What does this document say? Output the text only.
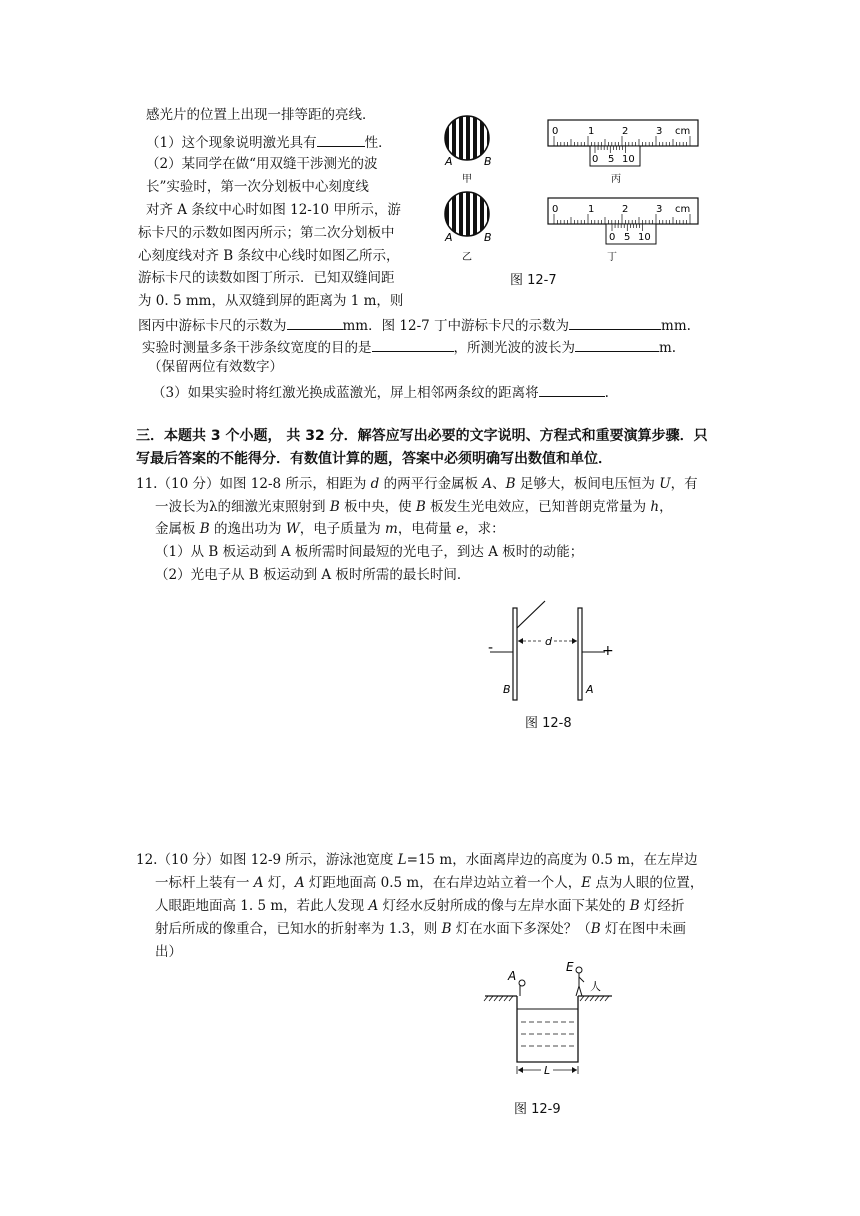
感光片的位置上出现一排等距的亮线．
（1）这个现象说明激光具有	性．
（2）某同学在做“用双缝干涉测光的波
长”实验时，第一次分划板中心刻度线
对齐 A 条纹中心时如图 12-10 甲所示，游
标卡尺的示数如图丙所示；第二次分划板中
心刻度线对齐 B 条纹中心线时如图乙所示，
游标卡尺的读数如图丁所示．已知双缝间距
为 0. 5 mm，从双缝到屏的距离为 1 m，则
图丙中游标卡尺的示数为	mm．图 12-7 丁中游标卡尺的示数为	mm.
实验时测量多条干涉条纹宽度的目的是	，所测光波的波长为	m.
（保留两位有效数字）
（3）如果实验时将红激光换成蓝激光，屏上相邻两条纹的距离将	.
A	B
甲
A	B
乙
0	1	2	3 cm
0 5 10
丙
0	1	2	3 cm
0 5 10
丁
图 12-7
三．本题共 3 个小题， 共 32 分．解答应写出必要的文字说明、方程式和重要演算步骤．只
写最后答案的不能得分．有数值计算的题，答案中必须明确写出数值和单位．
11.（10 分）如图 12-8 所示，相距为 d 的两平行金属板 A、B 足够大，板间电压恒为 U，有
一波长为λ的细激光束照射到 B 板中央，使 B 板发生光电效应，已知普朗克常量为 h，
金属板 B 的逸出功为 W，电子质量为 m，电荷量 e，求：
（1）从 B 板运动到 A 板所需时间最短的光电子，到达 A 板时的动能；
（2）光电子从 B 板运动到 A 板时所需的最长时间．
d
-	+
B	A
图 12-8
12.（10 分）如图 12-9 所示，游泳池宽度 L=15 m，水面离岸边的高度为 0.5 m，在左岸边
一标杆上装有一 A 灯，A 灯距地面高 0.5 m，在右岸边站立着一个人，E 点为人眼的位置，
人眼距地面高 1. 5 m，若此人发现 A 灯经水反射所成的像与左岸水面下某处的 B 灯经折
射后所成的像重合，已知水的折射率为 1.3，则 B 灯在水面下多深处？（B 灯在图中未画
出）
A
E
人
L
图 12-9
